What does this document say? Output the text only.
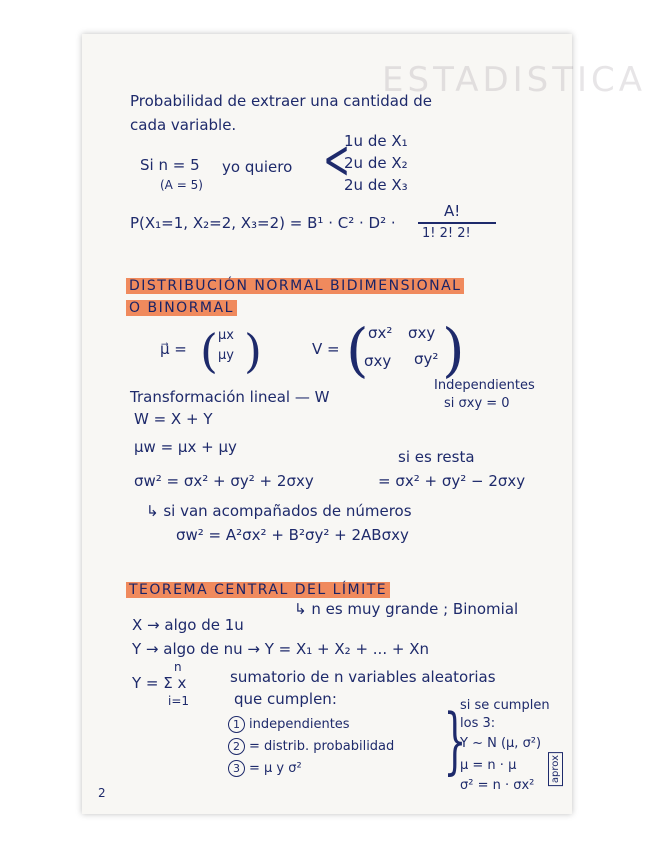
ESTADISTICA
Probabilidad de extraer una cantidad de
cada variable.
Si n = 5
(A = 5)
yo quiero <
1u de X₁
2u de X₂
2u de X₃
P(X₁=1, X₂=2, X₃=2) = B¹ · C² · D² ·
A!
1! 2! 2!
DISTRIBUCIÓN NORMAL BIDIMENSIONAL
O BINORMAL
μ⃗ = ( μx
μy )	V = ( σx² σxy
σxy σy² )
Transformación lineal — W
Independientes
si σxy = 0
W = X + Y
μw = μx + μy
si es resta
σw² = σx² + σy² + 2σxy	= σx² + σy² − 2σxy
↳ si van acompañados de números
σw² = A²σx² + B²σy² + 2ABσxy
TEOREMA CENTRAL DEL LÍMITE
↳ n es muy grande ; Binomial
X → algo de 1u
Y → algo de nu → Y = X₁ + X₂ + ... + Xn
n
Y = Σ x
i=1
sumatorio de n variables aleatorias
que cumplen:
1 independientes
2 = distrib. probabilidad
3 = μ y σ² }
si se cumplen
los 3:
Y ~ N (μ, σ²)
μ = n · μ
σ² = n · σx²
aprox
2
